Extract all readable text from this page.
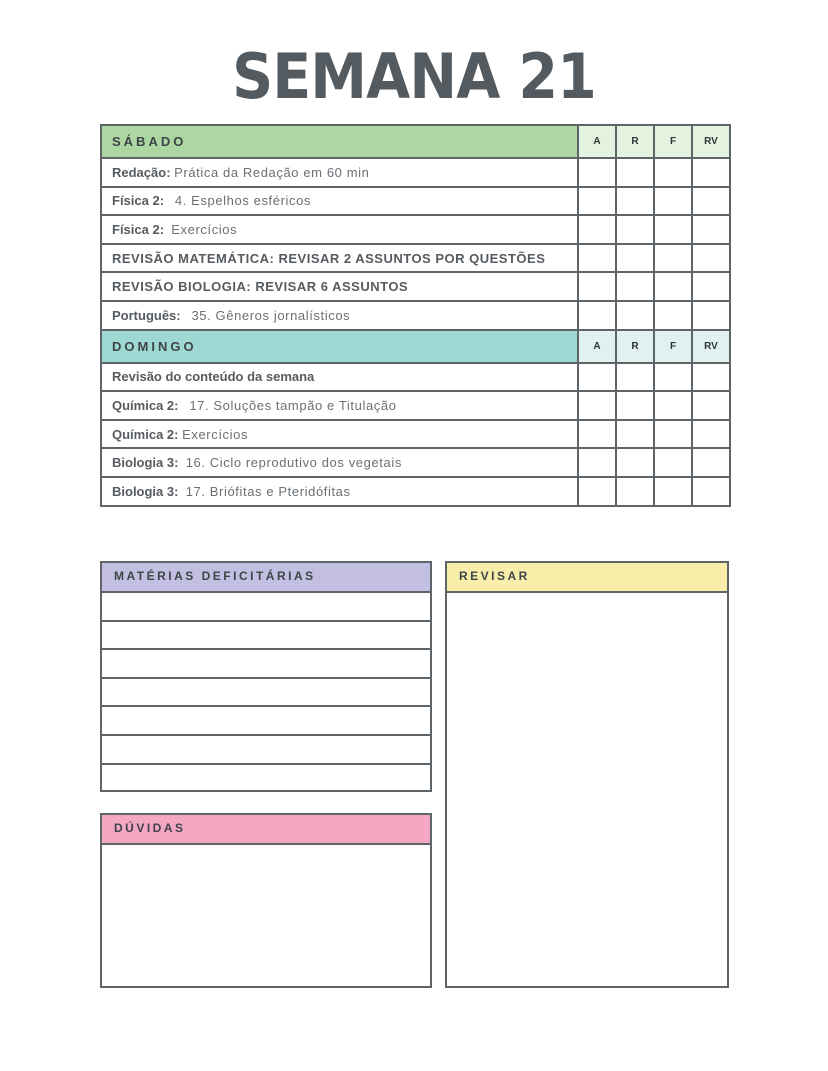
SEMANA 21
SÁBADO	A	R	F	RV
Redação: Prática da Redação em 60 min				
Física 2: 4. Espelhos esféricos				
Física 2: Exercícios				
REVISÃO MATEMÁTICA: REVISAR 2 ASSUNTOS POR QUESTÕES				
REVISÃO BIOLOGIA: REVISAR 6 ASSUNTOS				
Português: 35. Gêneros jornalísticos				
DOMINGO	A	R	F	RV
Revisão do conteúdo da semana				
Química 2: 17. Soluções tampão e Titulação				
Química 2: Exercícios				
Biologia 3: 16. Ciclo reprodutivo dos vegetais				
Biologia 3: 17. Briófitas e Pteridófitas				
MATÉRIAS DEFICITÁRIAS
DÚVIDAS
REVISAR
